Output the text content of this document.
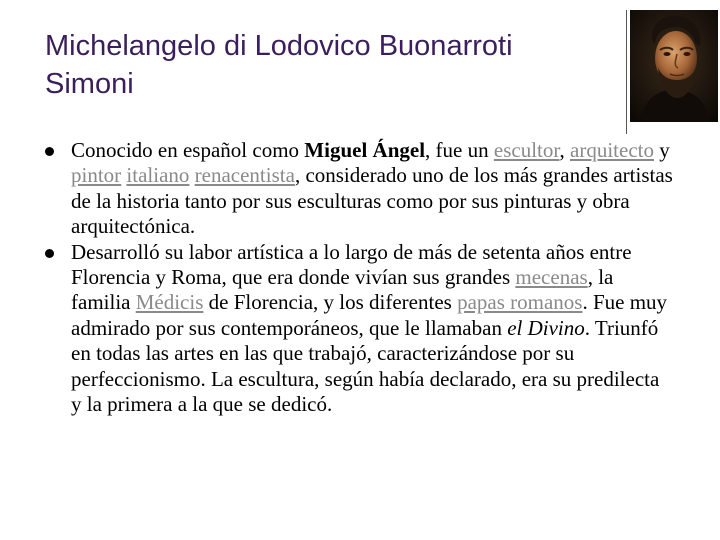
Michelangelo di Lodovico Buonarroti
Simoni
Conocido en español como Miguel Ángel, fue un escultor, arquitecto y pintor italiano renacentista, considerado uno de los más grandes artistas de la historia tanto por sus esculturas como por sus pinturas y obra arquitectónica.
Desarrolló su labor artística a lo largo de más de setenta años entre Florencia y Roma, que era donde vivían sus grandes mecenas, la familia Médicis de Florencia, y los diferentes papas romanos. Fue muy admirado por sus contemporáneos, que le llamaban el Divino. Triunfó en todas las artes en las que trabajó, caracterizándose por su perfeccionismo. La escultura, según había declarado, era su predilecta y la primera a la que se dedicó.
